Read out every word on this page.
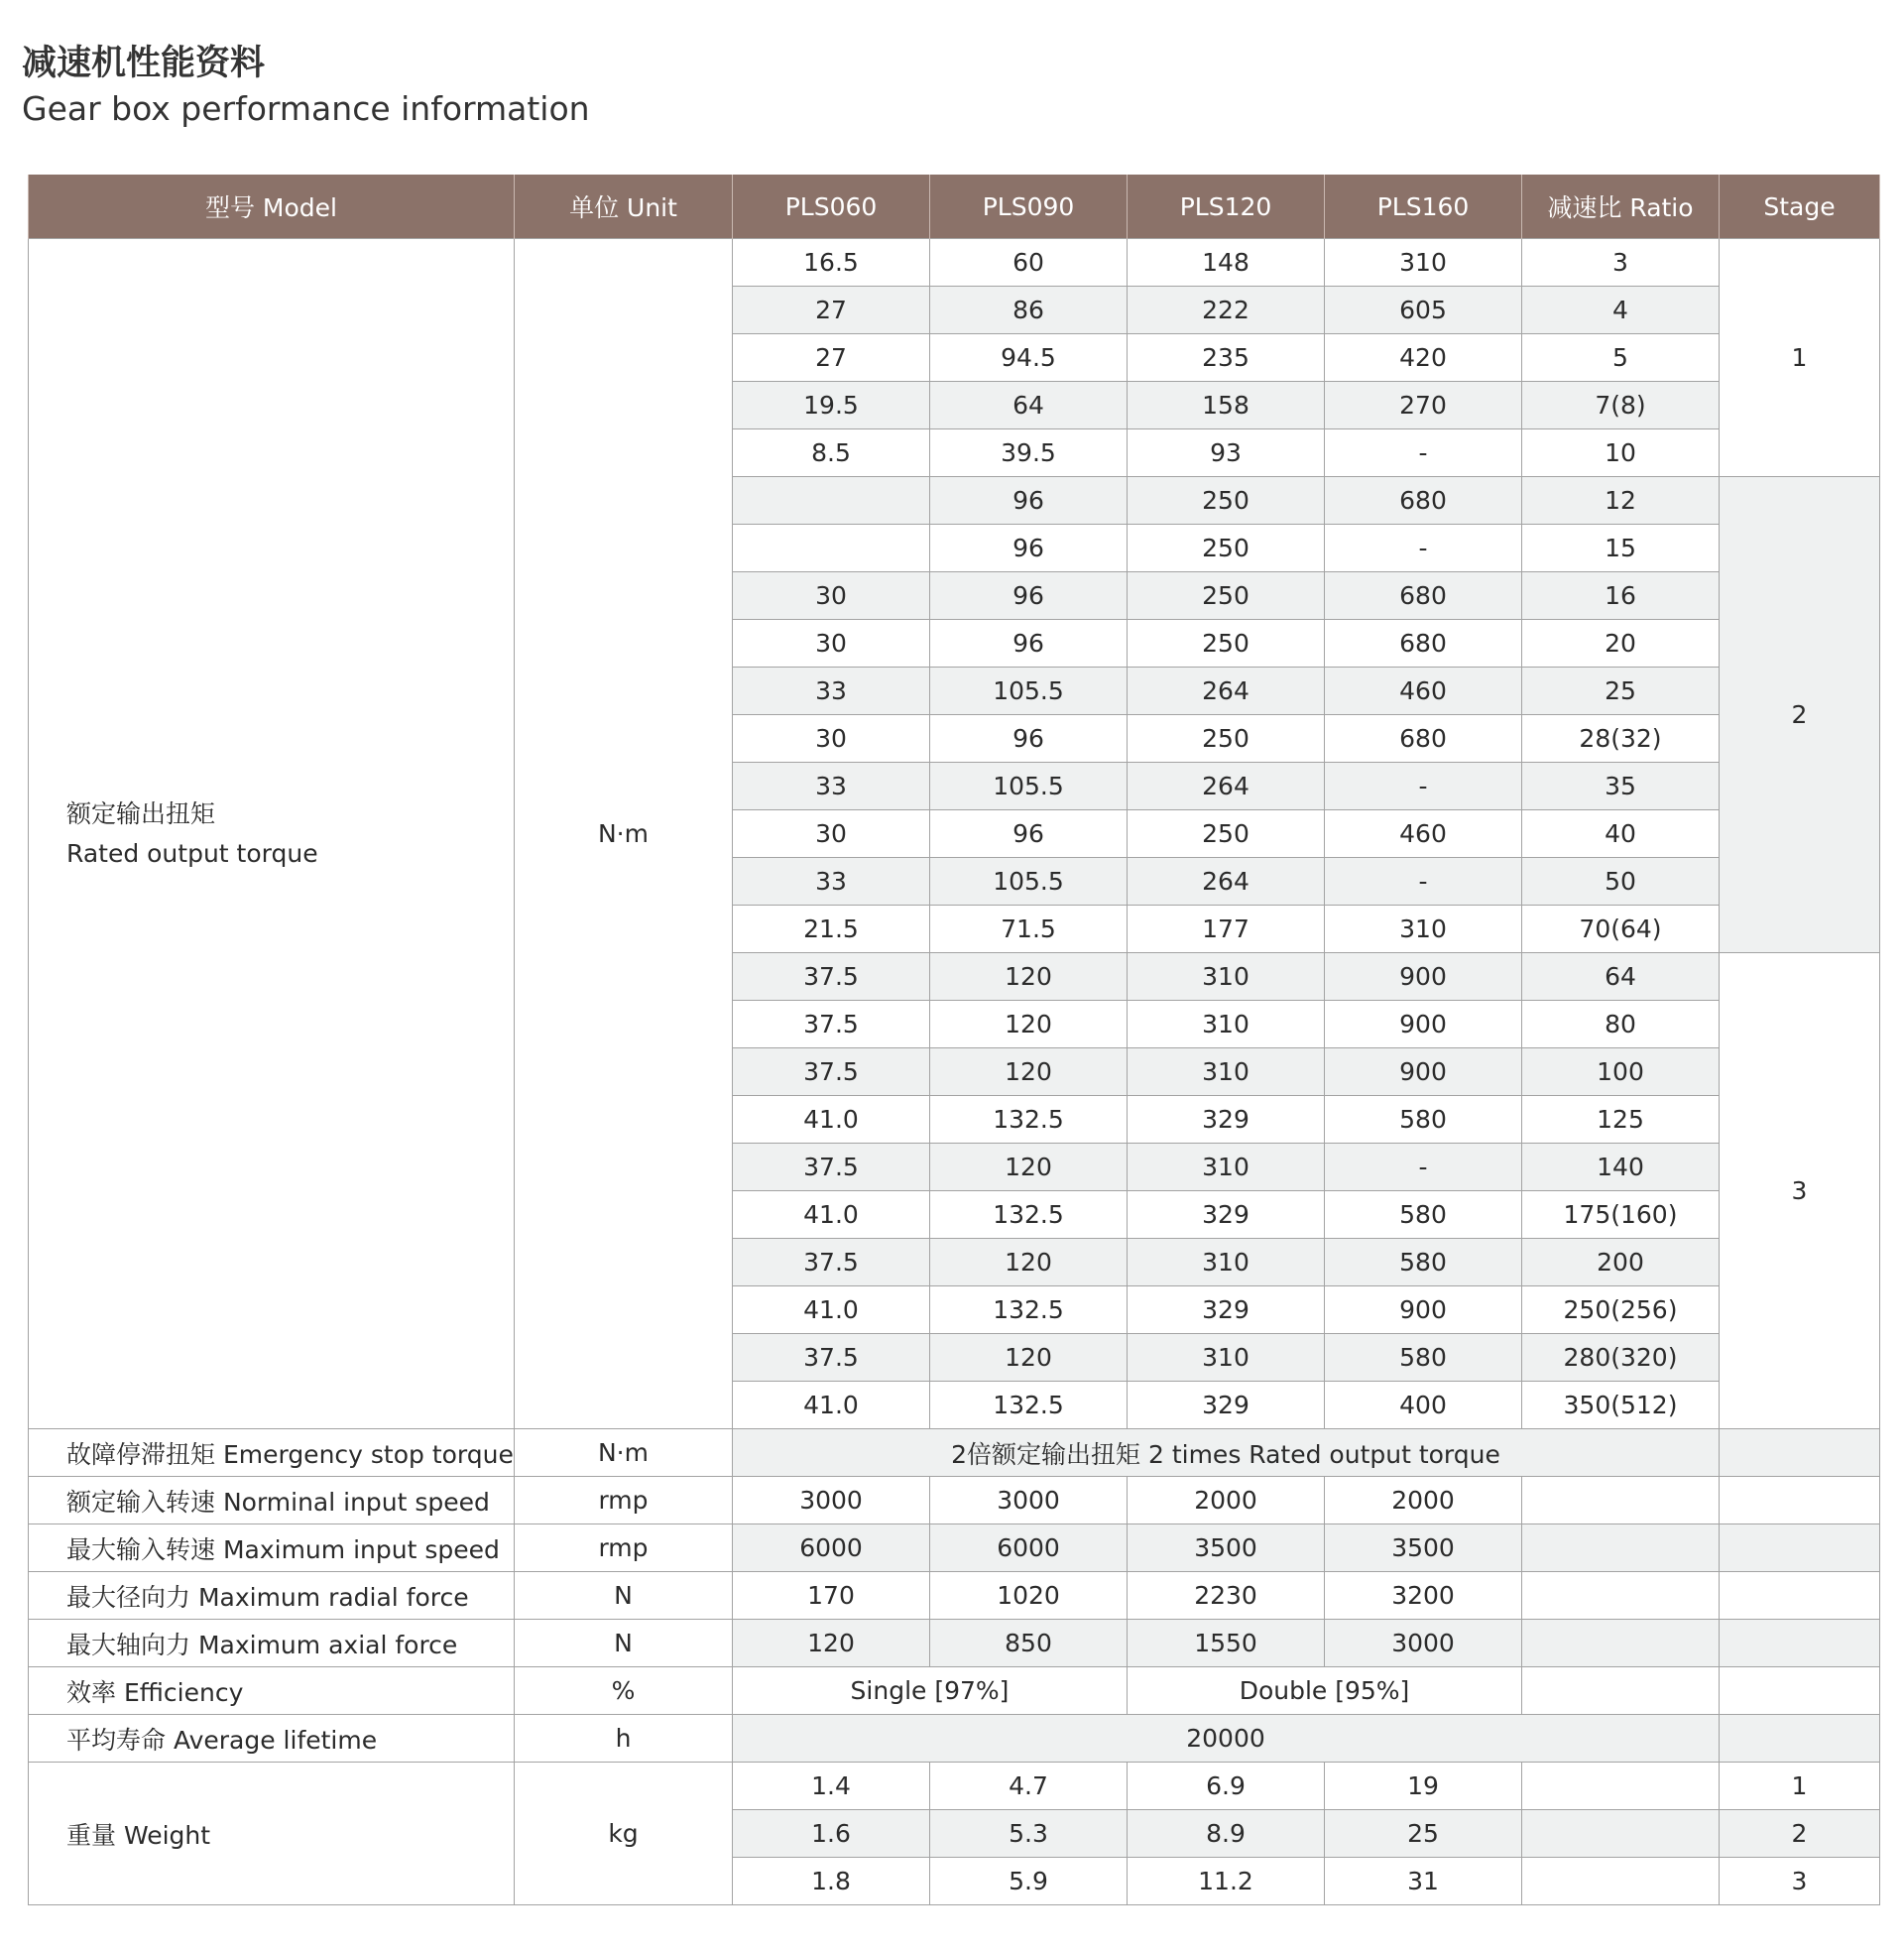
减速机性能资料
Gear box performance information
型号 Model	单位 Unit	PLS060	PLS090	PLS120	PLS160	减速比 Ratio	Stage
额定输出扭矩
Rated output torque	N·m	16.5	60	148	310	3	1
		27	86	222	605	4	
		27	94.5	235	420	5	
		19.5	64	158	270	7(8)	
		8.5	39.5	93	-	10	
			96	250	680	12	2
			96	250	-	15	
		30	96	250	680	16	
		30	96	250	680	20	
		33	105.5	264	460	25	
		30	96	250	680	28(32)	
		33	105.5	264	-	35	
		30	96	250	460	40	
		33	105.5	264	-	50	
		21.5	71.5	177	310	70(64)	
		37.5	120	310	900	64	3
		37.5	120	310	900	80	
		37.5	120	310	900	100	
		41.0	132.5	329	580	125	
		37.5	120	310	-	140	
		41.0	132.5	329	580	175(160)	
		37.5	120	310	580	200	
		41.0	132.5	329	900	250(256)	
		37.5	120	310	580	280(320)	
		41.0	132.5	329	400	350(512)	
故障停滞扭矩 Emergency stop torque	N·m	2倍额定输出扭矩 2 times Rated output torque					
额定输入转速 Norminal input speed	rmp	3000	3000	2000	2000		
最大输入转速 Maximum input speed	rmp	6000	6000	3500	3500		
最大径向力 Maximum radial force	N	170	1020	2230	3200		
最大轴向力 Maximum axial force	N	120	850	1550	3000		
效率 Efficiency	%	Single [97%]		Double [95%]			
平均寿命 Average lifetime	h	20000					
重量 Weight	kg	1.4	4.7	6.9	19		1
		1.6	5.3	8.9	25		2
		1.8	5.9	11.2	31		3
